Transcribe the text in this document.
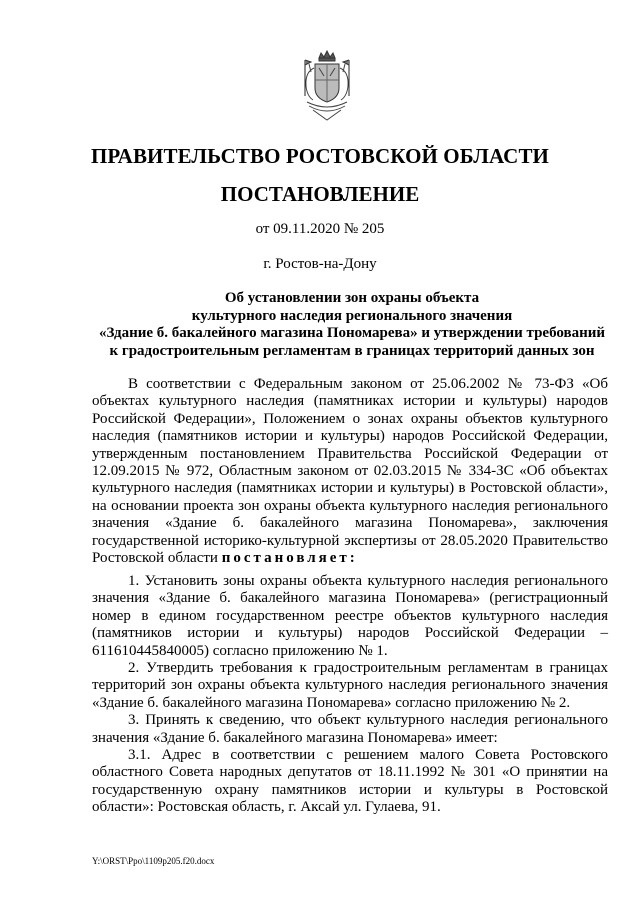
ПРАВИТЕЛЬСТВО РОСТОВСКОЙ ОБЛАСТИ
ПОСТАНОВЛЕНИЕ
от 09.11.2020 № 205
г. Ростов-на-Дону
Об установлении зон охраны объекта
культурного наследия регионального значения
«Здание б. бакалейного магазина Пономарева» и утверждении требований
к градостроительным регламентам в границах территорий данных зон

В соответствии с Федеральным законом от 25.06.2002 № 73-ФЗ «Об объектах культурного наследия (памятниках истории и культуры) народов Российской Федерации», Положением о зонах охраны объектов культурного наследия (памятников истории и культуры) народов Российской Федерации, утвержденным постановлением Правительства Российской Федерации от 12.09.2015 № 972, Областным законом от 02.03.2015 № 334-ЗС «Об объектах культурного наследия (памятниках истории и культуры) в Ростовской области», на основании проекта зон охраны объекта культурного наследия регионального значения «Здание б. бакалейного магазина Пономарева», заключения государственной историко-культурной экспертизы от 28.05.2020 Правительство Ростовской области постановляет:

1. Установить зоны охраны объекта культурного наследия регионального значения «Здание б. бакалейного магазина Пономарева» (регистрационный номер в едином государственном реестре объектов культурного наследия (памятников истории и культуры) народов Российской Федерации – 611610445840005) согласно приложению № 1.

2. Утвердить требования к градостроительным регламентам в границах территорий зон охраны объекта культурного наследия регионального значения «Здание б. бакалейного магазина Пономарева» согласно приложению № 2.

3. Принять к сведению, что объект культурного наследия регионального значения «Здание б. бакалейного магазина Пономарева» имеет:

3.1. Адрес в соответствии с решением малого Совета Ростовского областного Совета народных депутатов от 18.11.1992 № 301 «О принятии на государственную охрану памятников истории и культуры в Ростовской области»: Ростовская область, г. Аксай ул. Гулаева, 91.

Y:\ORST\Ppo\1109p205.f20.docx
